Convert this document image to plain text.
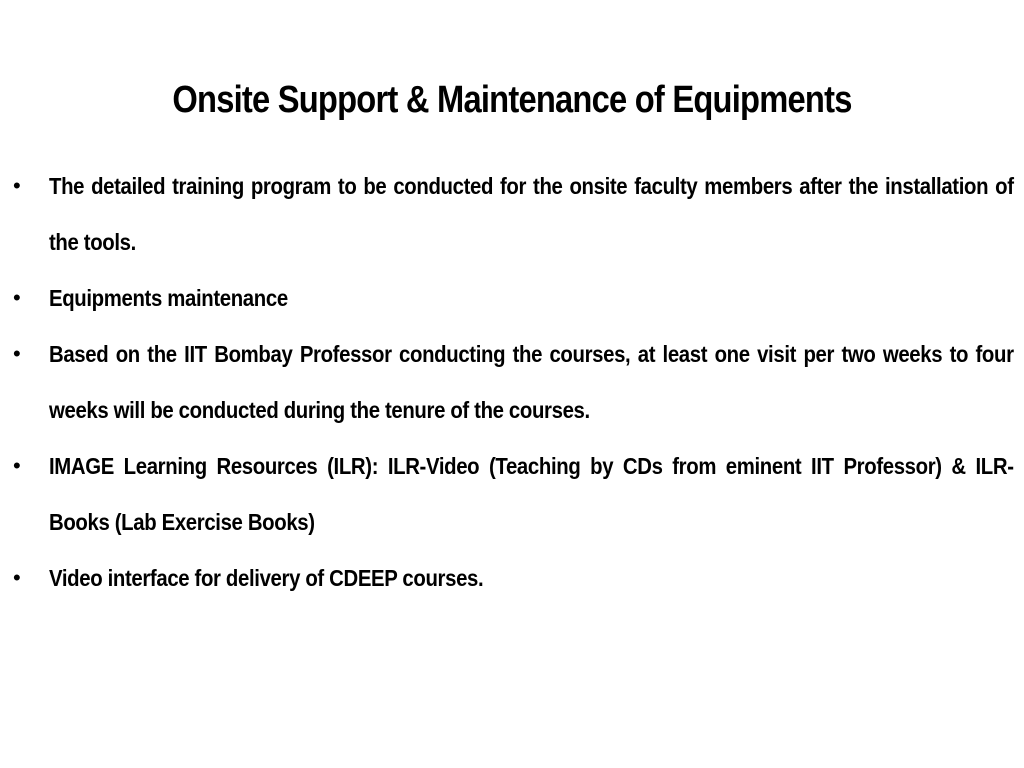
Onsite Support & Maintenance of Equipments
• The detailed training program to be conducted for the onsite faculty members after the installation of the tools.
• Equipments maintenance
• Based on the IIT Bombay Professor conducting the courses, at least one visit per two weeks to four weeks will be conducted during the tenure of the courses.
• IMAGE Learning Resources (ILR): ILR-Video (Teaching by CDs from eminent IIT Professor) & ILR-Books (Lab Exercise Books)
• Video interface for delivery of CDEEP courses.
